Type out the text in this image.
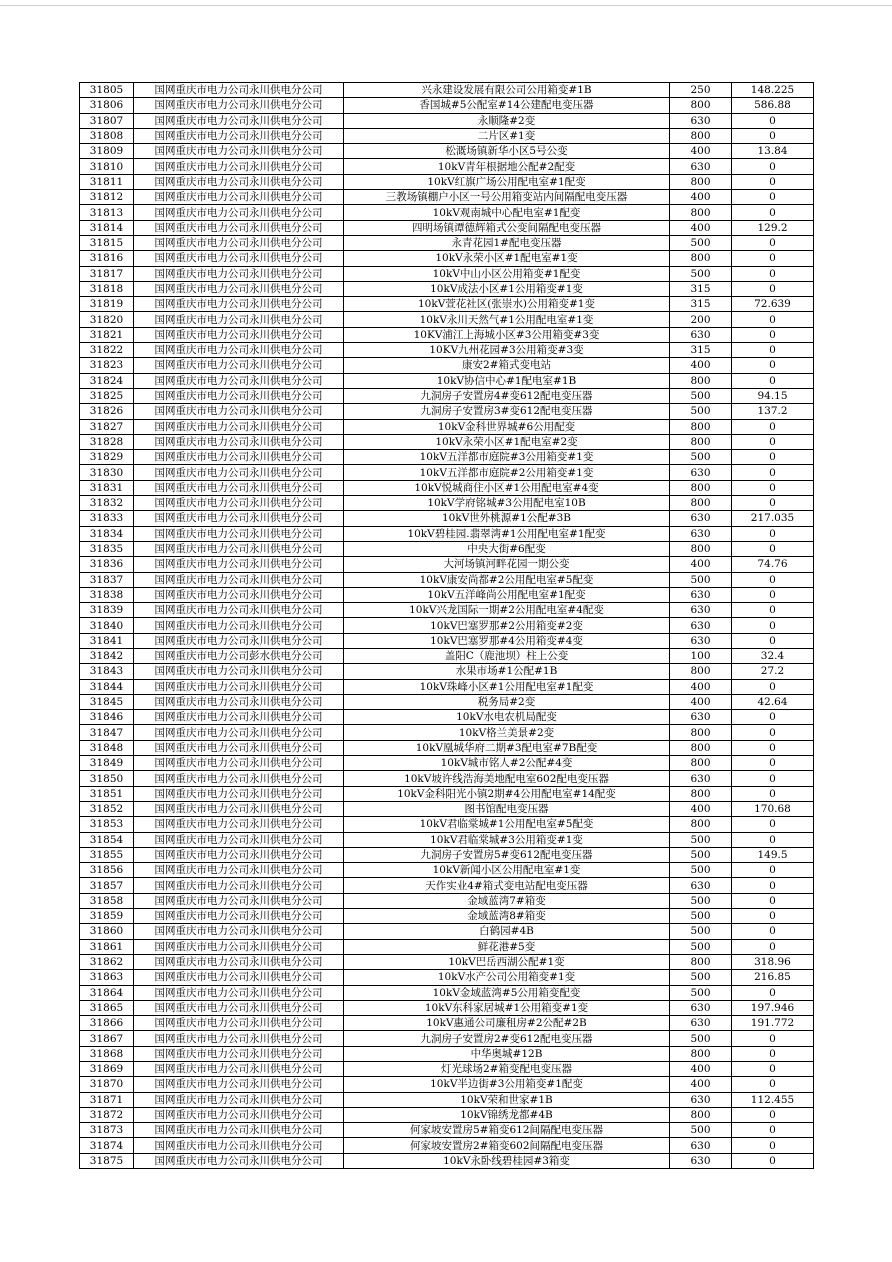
31805	国网重庆市电力公司永川供电分公司	兴永建设发展有限公司公用箱变#1B	250	148.225
31806	国网重庆市电力公司永川供电分公司	香国城#5公配室#14公建配电变压器	800	586.88
31807	国网重庆市电力公司永川供电分公司	永顺隆#2变	630	0
31808	国网重庆市电力公司永川供电分公司	二片区#1变	800	0
31809	国网重庆市电力公司永川供电分公司	松溉场镇新华小区5号公变	400	13.84
31810	国网重庆市电力公司永川供电分公司	10kV青年根据地公配#2配变	630	0
31811	国网重庆市电力公司永川供电分公司	10kV红旗广场公用配电室#1配变	800	0
31812	国网重庆市电力公司永川供电分公司	三教场镇棚户小区一号公用箱变站内间隔配电变压器	400	0
31813	国网重庆市电力公司永川供电分公司	10kV观南城中心配电室#1配变	800	0
31814	国网重庆市电力公司永川供电分公司	四明场镇谭德辉箱式公变间隔配电变压器	400	129.2
31815	国网重庆市电力公司永川供电分公司	永青花园1#配电变压器	500	0
31816	国网重庆市电力公司永川供电分公司	10kV永荣小区#1配电室#1变	800	0
31817	国网重庆市电力公司永川供电分公司	10kV中山小区公用箱变#1配变	500	0
31818	国网重庆市电力公司永川供电分公司	10kV成法小区#1公用箱变#1变	315	0
31819	国网重庆市电力公司永川供电分公司	10kV萱花社区(张崇水)公用箱变#1变	315	72.639
31820	国网重庆市电力公司永川供电分公司	10kV永川天然气#1公用配电室#1变	200	0
31821	国网重庆市电力公司永川供电分公司	10KV浦江上海城小区#3公用箱变#3变	630	0
31822	国网重庆市电力公司永川供电分公司	10KV九州花园#3公用箱变#3变	315	0
31823	国网重庆市电力公司永川供电分公司	康安2#箱式变电站	400	0
31824	国网重庆市电力公司永川供电分公司	10kV协信中心#1配电室#1B	800	0
31825	国网重庆市电力公司永川供电分公司	九洞房子安置房4#变612配电变压器	500	94.15
31826	国网重庆市电力公司永川供电分公司	九洞房子安置房3#变612配电变压器	500	137.2
31827	国网重庆市电力公司永川供电分公司	10kV金科世界城#6公用配变	800	0
31828	国网重庆市电力公司永川供电分公司	10kV永荣小区#1配电室#2变	800	0
31829	国网重庆市电力公司永川供电分公司	10kV五洋都市庭院#3公用箱变#1变	500	0
31830	国网重庆市电力公司永川供电分公司	10kV五洋都市庭院#2公用箱变#1变	630	0
31831	国网重庆市电力公司永川供电分公司	10kV悦城商住小区#1公用配电室#4变	800	0
31832	国网重庆市电力公司永川供电分公司	10kV学府铭城#3公用配电室10B	800	0
31833	国网重庆市电力公司永川供电分公司	10kV世外桃源#1公配#3B	630	217.035
31834	国网重庆市电力公司永川供电分公司	10kV碧桂园.翡翠湾#1公用配电室#1配变	630	0
31835	国网重庆市电力公司永川供电分公司	中央大街#6配变	800	0
31836	国网重庆市电力公司永川供电分公司	大河场镇河畔花园一期公变	400	74.76
31837	国网重庆市电力公司永川供电分公司	10kV康安尚都#2公用配电室#5配变	500	0
31838	国网重庆市电力公司永川供电分公司	10kV五洋峰尚公用配电室#1配变	630	0
31839	国网重庆市电力公司永川供电分公司	10kV兴龙国际一期#2公用配电室#4配变	630	0
31840	国网重庆市电力公司永川供电分公司	10kV巴塞罗那#2公用箱变#2变	630	0
31841	国网重庆市电力公司永川供电分公司	10kV巴塞罗那#4公用箱变#4变	630	0
31842	国网重庆市电力公司彭水供电分公司	盖阳C（鹿池坝）柱上公变	100	32.4
31843	国网重庆市电力公司永川供电分公司	水果市场#1公配#1B	800	27.2
31844	国网重庆市电力公司永川供电分公司	10kV珠峰小区#1公用配电室#1配变	400	0
31845	国网重庆市电力公司永川供电分公司	税务局#2变	400	42.64
31846	国网重庆市电力公司永川供电分公司	10kV水电农机局配变	630	0
31847	国网重庆市电力公司永川供电分公司	10kV格兰美景#2变	800	0
31848	国网重庆市电力公司永川供电分公司	10kV凰城华府二期#3配电室#7B配变	800	0
31849	国网重庆市电力公司永川供电分公司	10kV城市铭人#2公配#4变	800	0
31850	国网重庆市电力公司永川供电分公司	10kV坡许线浩海美地配电室602配电变压器	630	0
31851	国网重庆市电力公司永川供电分公司	10kV金科阳光小镇2期#4公用配电室#14配变	800	0
31852	国网重庆市电力公司永川供电分公司	图书馆配电变压器	400	170.68
31853	国网重庆市电力公司永川供电分公司	10kV君临棠城#1公用配电室#5配变	800	0
31854	国网重庆市电力公司永川供电分公司	10kV君临棠城#3公用箱变#1变	500	0
31855	国网重庆市电力公司永川供电分公司	九洞房子安置房5#变612配电变压器	500	149.5
31856	国网重庆市电力公司永川供电分公司	10kV新闻小区公用配电室#1变	500	0
31857	国网重庆市电力公司永川供电分公司	天作实业4#箱式变电站配电变压器	630	0
31858	国网重庆市电力公司永川供电分公司	金域蓝湾7#箱变	500	0
31859	国网重庆市电力公司永川供电分公司	金域蓝湾8#箱变	500	0
31860	国网重庆市电力公司永川供电分公司	白鹤园#4B	500	0
31861	国网重庆市电力公司永川供电分公司	鲜花港#5变	500	0
31862	国网重庆市电力公司永川供电分公司	10kV巴岳西湖公配#1变	800	318.96
31863	国网重庆市电力公司永川供电分公司	10kV水产公司公用箱变#1变	500	216.85
31864	国网重庆市电力公司永川供电分公司	10kV金域蓝湾#5公用箱变配变	500	0
31865	国网重庆市电力公司永川供电分公司	10kV东科家居城#1公用箱变#1变	630	197.946
31866	国网重庆市电力公司永川供电分公司	10kV惠通公司廉租房#2公配#2B	630	191.772
31867	国网重庆市电力公司永川供电分公司	九洞房子安置房2#变612配电变压器	500	0
31868	国网重庆市电力公司永川供电分公司	中华奥城#12B	800	0
31869	国网重庆市电力公司永川供电分公司	灯光球场2#箱变配电变压器	400	0
31870	国网重庆市电力公司永川供电分公司	10kV半边街#3公用箱变#1配变	400	0
31871	国网重庆市电力公司永川供电分公司	10kV荣和世家#1B	630	112.455
31872	国网重庆市电力公司永川供电分公司	10kV锦绣龙都#4B	800	0
31873	国网重庆市电力公司永川供电分公司	何家坡安置房5#箱变612间隔配电变压器	500	0
31874	国网重庆市电力公司永川供电分公司	何家坡安置房2#箱变602间隔配电变压器	630	0
31875	国网重庆市电力公司永川供电分公司	10kV永卧线碧桂园#3箱变	630	0
